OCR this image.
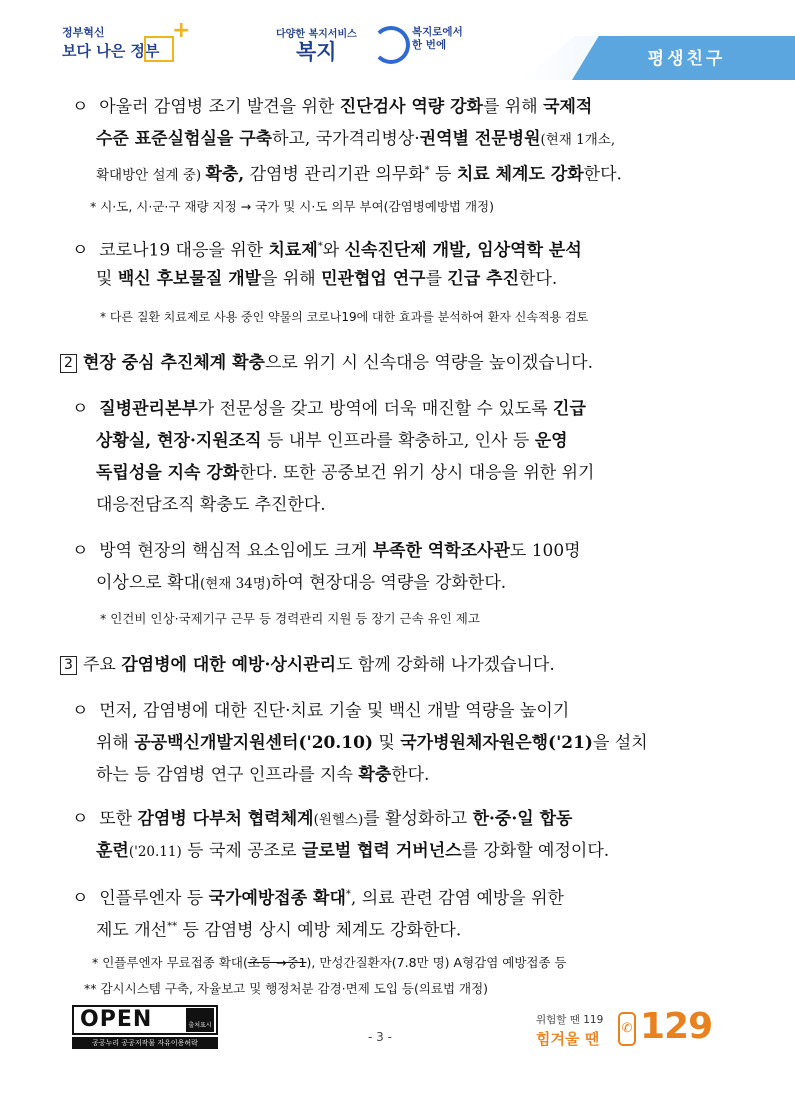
정부혁신
보다 나은 정부
+	다양한 복지서비스
복지
복지로에서
한 번에
평생친구
ㅇ 아울러 감염병 조기 발견을 위한 진단검사 역량 강화를 위해 국제적
수준 표준실험실을 구축하고, 국가격리병상·권역별 전문병원(현재 1개소,
확대방안 설계 중) 확충, 감염병 관리기관 의무화* 등 치료 체계도 강화한다.
* 시·도, 시·군·구 재량 지정 → 국가 및 시·도 의무 부여(감염병예방법 개정)
ㅇ 코로나19 대응을 위한 치료제*와 신속진단제 개발, 임상역학 분석
및 백신 후보물질 개발을 위해 민관협업 연구를 긴급 추진한다.
* 다른 질환 치료제로 사용 중인 약물의 코로나19에 대한 효과를 분석하여 환자 신속적용 검토
2 현장 중심 추진체계 확충으로 위기 시 신속대응 역량을 높이겠습니다.
ㅇ 질병관리본부가 전문성을 갖고 방역에 더욱 매진할 수 있도록 긴급
상황실, 현장·지원조직 등 내부 인프라를 확충하고, 인사 등 운영
독립성을 지속 강화한다. 또한 공중보건 위기 상시 대응을 위한 위기
대응전담조직 확충도 추진한다.
ㅇ 방역 현장의 핵심적 요소임에도 크게 부족한 역학조사관도 100명
이상으로 확대(현재 34명)하여 현장대응 역량을 강화한다.
* 인건비 인상·국제기구 근무 등 경력관리 지원 등 장기 근속 유인 제고
3 주요 감염병에 대한 예방·상시관리도 함께 강화해 나가겠습니다.
ㅇ 먼저, 감염병에 대한 진단·치료 기술 및 백신 개발 역량을 높이기
위해 공공백신개발지원센터('20.10) 및 국가병원체자원은행('21)을 설치
하는 등 감염병 연구 인프라를 지속 확충한다.
ㅇ 또한 감염병 다부처 협력체계(원헬스)를 활성화하고 한·중·일 합동
훈련('20.11) 등 국제 공조로 글로벌 협력 거버넌스를 강화할 예정이다.
ㅇ 인플루엔자 등 국가예방접종 확대*, 의료 관련 감염 예방을 위한
제도 개선** 등 감염병 상시 예방 체계도 강화한다.
* 인플루엔자 무료접종 확대(초등 →중1), 만성간질환자(7.8만 명) A형감염 예방접종 등
** 감시시스템 구축, 자율보고 및 행정처분 감경·면제 도입 등(의료법 개정)
OPEN	출처표시
공공누리 공공저작물 자유이용허락	- 3 -
위험할 땐 119
힘겨울 땐
✆ 129
